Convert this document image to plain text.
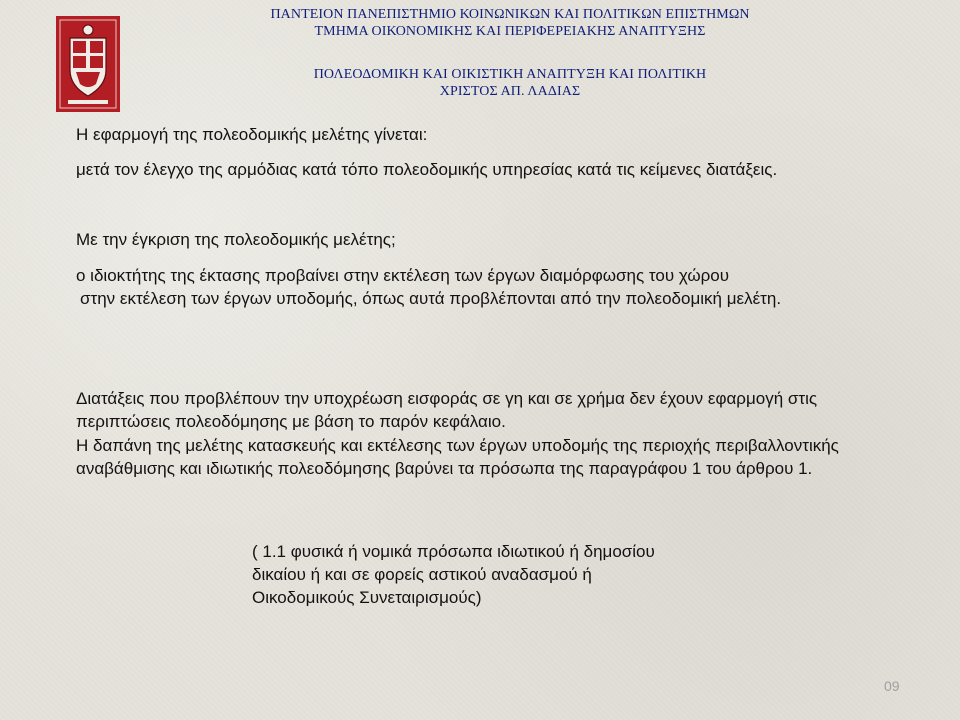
ΠΑΝΤΕΙΟΝ ΠΑΝΕΠΙΣΤΗΜΙΟ ΚΟΙΝΩΝΙΚΩΝ ΚΑΙ ΠΟΛΙΤΙΚΩΝ ΕΠΙΣΤΗΜΩΝ
ΤΜΗΜΑ ΟΙΚΟΝΟΜΙΚΗΣ ΚΑΙ ΠΕΡΙΦΕΡΕΙΑΚΗΣ ΑΝΑΠΤΥΞΗΣ
ΠΟΛΕΟΔΟΜΙΚΗ ΚΑΙ ΟΙΚΙΣΤΙΚΗ ΑΝΑΠΤΥΞΗ ΚΑΙ ΠΟΛΙΤΙΚΗ
ΧΡΙΣΤΟΣ ΑΠ. ΛΑΔΙΑΣ
Η εφαρμογή της πολεοδομικής μελέτης γίνεται:
μετά τον έλεγχο της αρμόδιας κατά τόπο πολεοδομικής υπηρεσίας κατά τις κείμενες διατάξεις.
Με την έγκριση της πολεοδομικής μελέτης;
ο ιδιοκτήτης της έκτασης προβαίνει στην εκτέλεση των έργων διαμόρφωσης του χώρου
στην εκτέλεση των έργων υποδομής, όπως αυτά προβλέπονται από την πολεοδομική μελέτη.
Διατάξεις που προβλέπουν την υποχρέωση εισφοράς σε γη και σε χρήμα δεν έχουν εφαρμογή στις περιπτώσεις πολεοδόμησης με βάση το παρόν κεφάλαιο.
Η δαπάνη της μελέτης κατασκευής και εκτέλεσης των έργων υποδομής της περιοχής περιβαλλοντικής αναβάθμισης και ιδιωτικής πολεοδόμησης βαρύνει τα πρόσωπα της παραγράφου 1 του άρθρου 1.
( 1.1 φυσικά ή νομικά πρόσωπα ιδιωτικού ή δημοσίου δικαίου ή και σε φορείς αστικού αναδασμού ή Οικοδομικούς Συνεταιρισμούς)
09
